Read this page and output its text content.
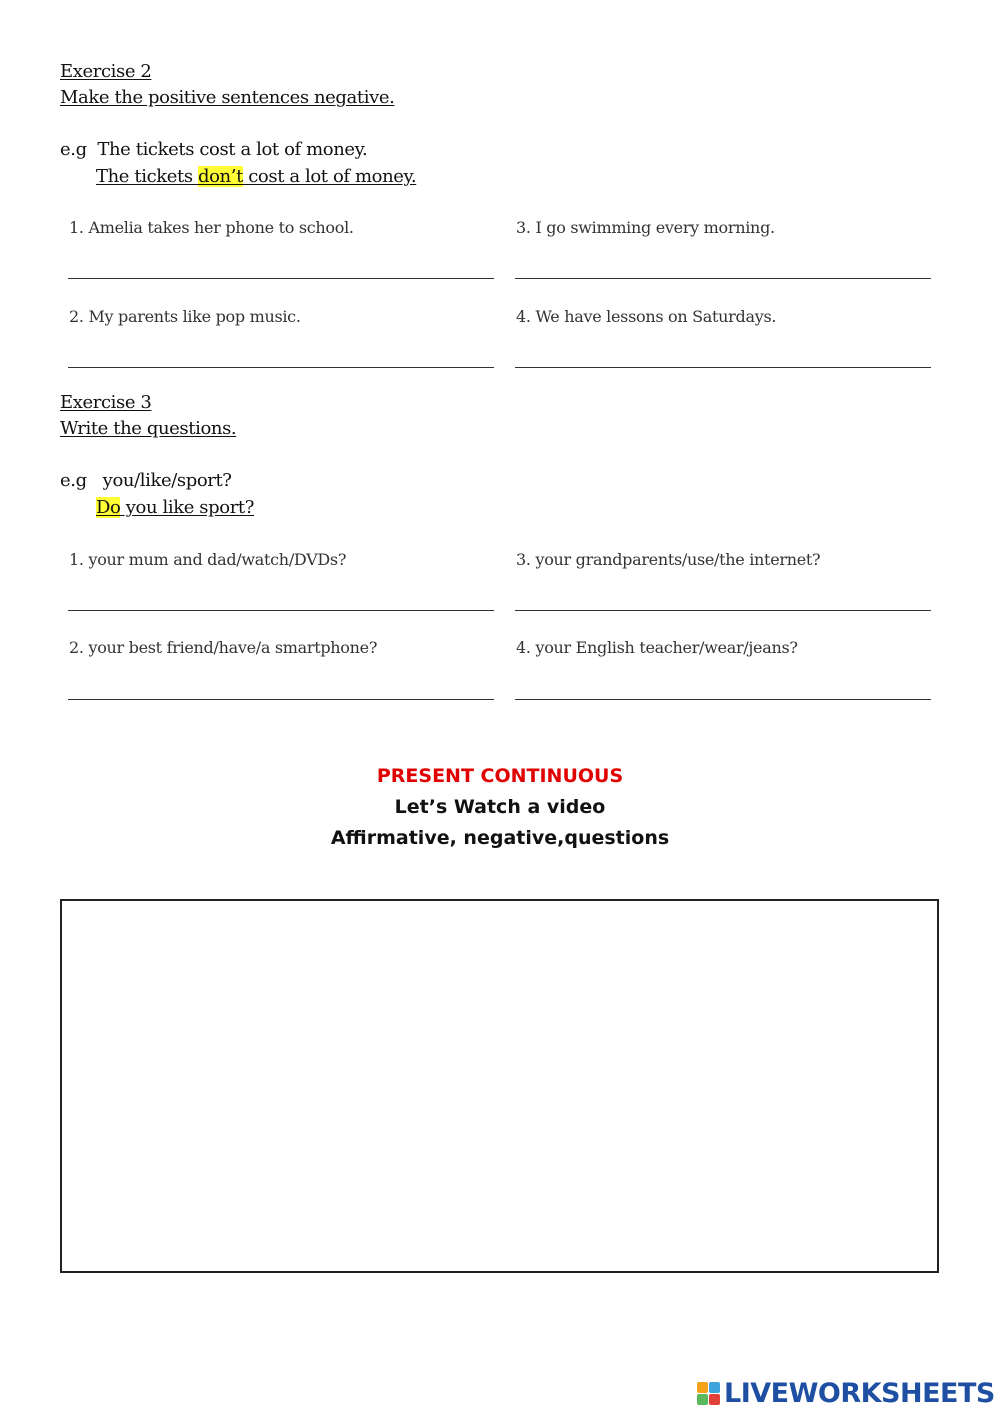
Exercise 2
Make the positive sentences negative.
e.g The tickets cost a lot of money.
The tickets don’t cost a lot of money.
1. Amelia takes her phone to school.	3. I go swimming every morning.
2. My parents like pop music.	4. We have lessons on Saturdays.
Exercise 3
Write the questions.
e.g you/like/sport?
Do you like sport?
1. your mum and dad/watch/DVDs?	3. your grandparents/use/the internet?
2. your best friend/have/a smartphone?	4. your English teacher/wear/jeans?
PRESENT CONTINUOUS
Let’s Watch a video
Affirmative, negative,questions
LIVEWORKSHEETS
